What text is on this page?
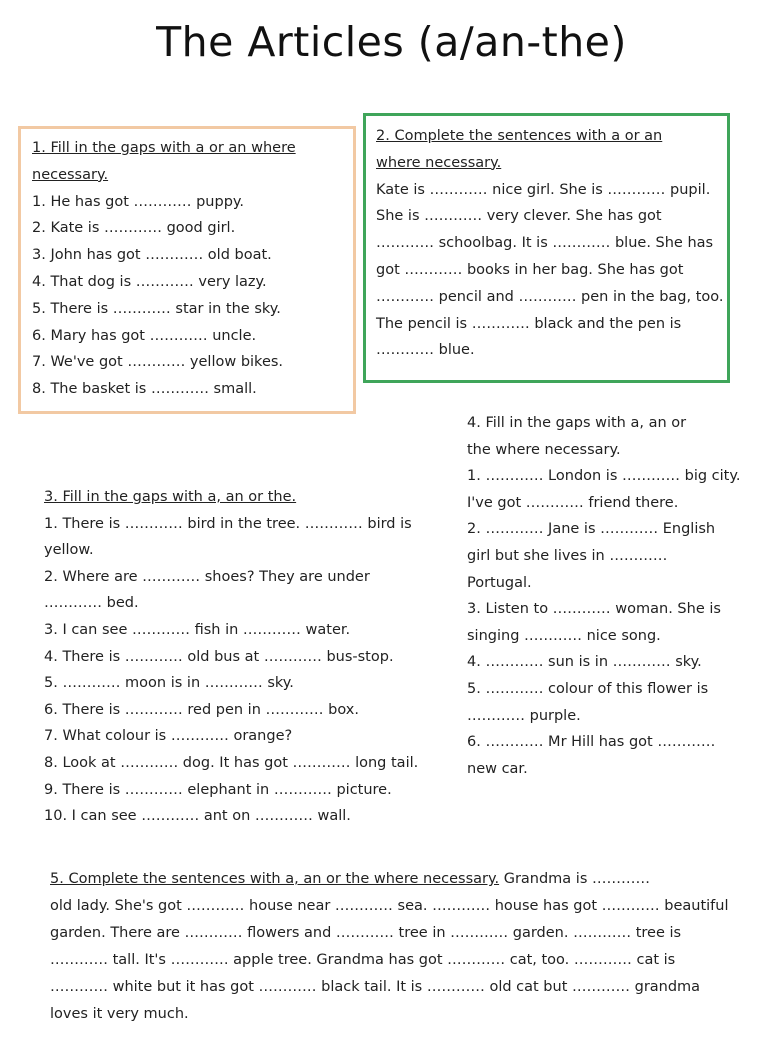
The Articles (a/an-the)

1. Fill in the gaps with a or an where

necessary.

1. He has got ………… puppy.

2. Kate is ………… good girl.

3. John has got ………… old boat.

4. That dog is ………… very lazy.

5. There is ………… star in the sky.

6. Mary has got ………… uncle.

7. We've got ………… yellow bikes.

8. The basket is ………… small.

2. Complete the sentences with a or an

where necessary.

Kate is ………… nice girl. She is ………… pupil.

She is ………… very clever. She has got

………… schoolbag. It is ………… blue. She has

got ………… books in her bag. She has got

………… pencil and ………… pen in the bag, too.

The pencil is ………… black and the pen is

………… blue.

3. Fill in the gaps with a, an or the.

1. There is ………… bird in the tree. ………… bird is

yellow.

2. Where are ………… shoes? They are under

………… bed.

3. I can see ………… fish in ………… water.

4. There is ………… old bus at ………… bus-stop.

5. ………… moon is in ………… sky.

6. There is ………… red pen in ………… box.

7. What colour is ………… orange?

8. Look at ………… dog. It has got ………… long tail.

9. There is ………… elephant in ………… picture.

10. I can see ………… ant on ………… wall.

4. Fill in the gaps with a, an or

the where necessary.

1. ………… London is ………… big city.

I've got ………… friend there.

2. ………… Jane is ………… English

girl but she lives in …………

Portugal.

3. Listen to ………… woman. She is

singing ………… nice song.

4. ………… sun is in ………… sky.

5. ………… colour of this flower is

………… purple.

6. ………… Mr Hill has got …………

new car.

5. Complete the sentences with a, an or the where necessary. Grandma is …………

old lady. She's got ………… house near ………… sea. ………… house has got ………… beautiful

garden. There are ………… flowers and ………… tree in ………… garden. ………… tree is

………… tall. It's ………… apple tree. Grandma has got ………… cat, too. ………… cat is

………… white but it has got ………… black tail. It is ………… old cat but ………… grandma

loves it very much.
